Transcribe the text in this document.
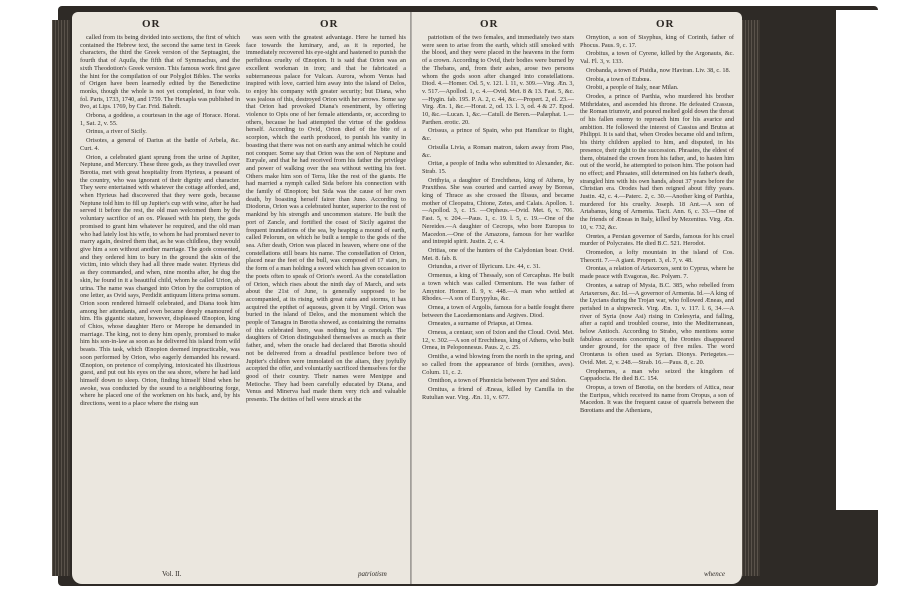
OR	OR

called from its being divided into sections, the first of which contained the Hebrew text, the second the same text in Greek characters, the third the Greek version of the Septuagint, the fourth that of Aquila, the fifth that of Symmachus, and the sixth Theodotion's Greek version. This famous work first gave the hint for the compilation of our Polyglot Bibles. The works of Origen have been learnedly edited by the Benedictine monks, though the whole is not yet completed, in four vols. fol. Paris, 1733, 1740, and 1759. The Hexapla was published in 8vo, at Lips. 1769, by Car. Frid. Bahrdt.

Orbona, a goddess, a courtesan in the age of Horace. Horat. 1, Sat. 2, v. 55.

Orinus, a river of Sicily.

Orisotes, a general of Darius at the battle of Arbela, &c. Curt. 4.

Orion, a celebrated giant sprung from the urine of Jupiter, Neptune, and Mercury. These three gods, as they travelled over Bœotia, met with great hospitality from Hyrieus, a peasant of the country, who was ignorant of their dignity and character. They were entertained with whatever the cottage afforded, and, when Hyrieus had discovered that they were gods, because Neptune told him to fill up Jupiter's cup with wine, after he had served it before the rest, the old man welcomed them by the voluntary sacrifice of an ox. Pleased with his piety, the gods promised to grant him whatever he required, and the old man who had lately lost his wife, to whom he had promised never to marry again, desired them that, as he was childless, they would give him a son without another marriage. The gods consented, and they ordered him to bury in the ground the skin of the victim, into which they had all three made water. Hyrieus did as they commanded, and when, nine months after, he dug the skin, he found in it a beautiful child, whom he called Urion, ab urina. The name was changed into Orion by the corruption of one letter, as Ovid says, Perdidit antiquum littera prima sonum. Orion soon rendered himself celebrated, and Diana took him among her attendants, and even became deeply enamoured of him. His gigantic stature, however, displeased Œnopion, king of Chios, whose daughter Hero or Merope he demanded in marriage. The king, not to deny him openly, promised to make him his son-in-law as soon as he delivered his island from wild beasts. This task, which Œnopion deemed impracticable, was soon performed by Orion, who eagerly demanded his reward. Œnopion, on pretence of complying, intoxicated his illustrious guest, and put out his eyes on the sea shore, where he had laid himself down to sleep. Orion, finding himself blind when he awoke, was conducted by the sound to a neighbouring forge, where he placed one of the workmen on his back, and, by his directions, went to a place where the rising sun

was seen with the greatest advantage. Here he turned his face towards the luminary, and, as it is reported, he immediately recovered his eye-sight and hastened to punish the perfidious cruelty of Œnopion. It is said that Orion was an excellent workman in iron; and that he fabricated a subterraneous palace for Vulcan. Aurora, whom Venus had inspired with love, carried him away into the island of Delos, to enjoy his company with greater security; but Diana, who was jealous of this, destroyed Orion with her arrows. Some say that Orion had provoked Diana's resentment, by offering violence to Opis one of her female attendants, or, according to others, because he had attempted the virtue of the goddess herself. According to Ovid, Orion died of the bite of a scorpion, which the earth produced, to punish his vanity in boasting that there was not on earth any animal which he could not conquer. Some say that Orion was the son of Neptune and Euryale, and that he had received from his father the privilege and power of walking over the sea without wetting his feet. Others make him son of Terra, like the rest of the giants. He had married a nymph called Sida before his connection with the family of Œnopion; but Sida was the cause of her own death, by boasting herself fairer than Juno. According to Diodorus, Orion was a celebrated hunter, superior to the rest of mankind by his strength and uncommon stature. He built the port of Zancle, and fortified the coast of Sicily against the frequent inundations of the sea, by heaping a mound of earth, called Pelorum, on which he built a temple to the gods of the sea. After death, Orion was placed in heaven, where one of the constellations still bears his name. The constellation of Orion, placed near the feet of the bull, was composed of 17 stars, in the form of a man holding a sword which has given occasion to the poets often to speak of Orion's sword. As the constellation of Orion, which rises about the ninth day of March, and sets about the 21st of June, is generally supposed to be accompanied, at its rising, with great rains and storms, it has acquired the epithet of aquosus, given it by Virgil. Orion was buried in the island of Delos, and the monument which the people of Tanagra in Bœotia showed, as containing the remains of this celebrated hero, was nothing but a cenotaph. The daughters of Orion distinguished themselves as much as their father, and, when the oracle had declared that Bœotia should not be delivered from a dreadful pestilence before two of Jupiter's children were immolated on the altars, they joyfully accepted the offer, and voluntarily sacrificed themselves for the good of their country. Their names were Menippe and Metioche. They had been carefully educated by Diana, and Venus and Minerva had made them very rich and valuable presents. The deities of hell were struck at the

Vol. II.	patriotism
OR	OR

patriotism of the two females, and immediately two stars were seen to arise from the earth, which still smoked with the blood, and they were placed in the heavens in the form of a crown. According to Ovid, their bodies were burned by the Thebans, and, from their ashes, arose two persons whom the gods soon after changed into constellations. Diod. 4.—Homer. Od. 5, v. 121. l. 11, v. 309.—Virg. Æn. 3, v. 517.—Apollod. 1, c. 4.—Ovid. Met. 8 & 13. Fast. 5, &c.—Hygin. fab. 195. P. A. 2, c. 44, &c.—Propert. 2, el. 23.—Virg. Æn. 1, &c.—Horat. 2, od. 13. l. 3, od. 4 & 27. Epod. 10, &c.—Lucan. 1, &c.—Catull. de Beren.—Palæphat. 1.—Parthen. erotic. 20.

Orissus, a prince of Spain, who put Hamilcar to flight, &c.

Orisulla Livia, a Roman matron, taken away from Piso, &c.

Oritæ, a people of India who submitted to Alexander, &c. Strab. 15.

Orithyia, a daughter of Erechtheus, king of Athens, by Praxithea. She was courted and carried away by Boreas, king of Thrace as she crossed the Ilissus, and became mother of Cleopatra, Chione, Zetes, and Calais. Apollon. 1.—Apollod. 3, c. 15. —Orpheus.—Ovid. Met. 6, v. 706. Fast. 5, v. 204.—Paus. 1, c. 19. l. 5, c. 19.—One of the Nereides.—A daughter of Cecrops, who bore Europus to Macedon.—One of the Amazons, famous for her warlike and intrepid spirit. Justin. 2, c. 4.

Oritias, one of the hunters of the Calydonian boar. Ovid. Met. 8. fab. 8.

Oriundus, a river of Illyricum. Liv. 44, c. 31.

Ormenus, a king of Thessaly, son of Cercaphus. He built a town which was called Ormenium. He was father of Amyntor. Homer. Il. 9, v. 448.—A man who settled at Rhodes.—A son of Eurypylus, &c.

Ornea, a town of Argolis, famous for a battle fought there between the Lacedæmonians and Argives. Diod.

Orneates, a surname of Priapus, at Ornea.

Orneus, a centaur, son of Ixion and the Cloud. Ovid. Met. 12, v. 302.—A son of Erechtheus, king of Athens, who built Ornea, in Peloponnesus. Paus. 2, c. 25.

Ornithe, a wind blowing from the north in the spring, and so called from the appearance of birds (ornithes, aves). Colum. 11, c. 2.

Ornithon, a town of Phœnicia between Tyre and Sidon.

Ornitus, a friend of Æneas, killed by Camilla in the Rutulian war. Virg. Æn. 11, v. 677.

Ornytion, a son of Sisyphus, king of Corinth, father of Phocus. Paus. 9, c. 17.

Orobitus, a town of Cyrene, killed by the Argonauts, &c. Val. Fl. 3, v. 133.

Orobanda, a town of Pisidia, now Haviran. Liv. 38, c. 18.

Orobia, a town of Eubœa.

Orobii, a people of Italy, near Milan.

Orodes, a prince of Parthia, who murdered his brother Mithridates, and ascended his throne. He defeated Crassus, the Roman triumvir, and poured melted gold down the throat of his fallen enemy to reproach him for his avarice and ambition. He followed the interest of Cassius and Brutus at Philippi. It is said that, when Orodes became old and infirm, his thirty children applied to him, and disputed, in his presence, their right to the succession. Phraates, the eldest of them, obtained the crown from his father, and, to hasten him out of the world, he attempted to poison him. The poison had no effect; and Phraates, still determined on his father's death, strangled him with his own hands, about 37 years before the Christian era. Orodes had then reigned about fifty years. Justin. 42, c. 4.—Paterc. 2, c. 30.—Another king of Parthia, murdered for his cruelty. Joseph. 18 Ant.—A son of Artabanus, king of Armenia. Tacit. Ann. 6, c. 33.—One of the friends of Æneas in Italy, killed by Mezentius. Virg. Æn. 10, v. 732, &c.

Orœtes, a Persian governor of Sardis, famous for his cruel murder of Polycrates. He died B.C. 521. Herodot.

Oromedon, a lofty mountain in the island of Cos. Theocrit. 7.—A giant. Propert. 3, el. 7, v. 48.

Orontas, a relation of Artaxerxes, sent to Cyprus, where he made peace with Evagoras, &c. Polyæn. 7.

Orontes, a satrap of Mysia, B.C. 385, who rebelled from Artaxerxes, &c. Id.—A governor of Armenia. Id.—A king of the Lycians during the Trojan war, who followed Æneas, and perished in a shipwreck. Virg. Æn. 1, v. 117. l. 6, 34.—A river of Syria (now Asi) rising in Cœlesyria, and falling, after a rapid and troubled course, into the Mediterranean, below Antioch. According to Strabo, who mentions some fabulous accounts concerning it, the Orontes disappeared under ground, for the space of five miles. The word Orontæus is often used as Syrian. Dionys. Periegetes.—Ovid. Met. 2, v. 248.—Strab. 16.—Paus. 8, c. 20.

Orophernes, a man who seized the kingdom of Cappadocia. He died B.C. 154.

Oropus, a town of Bœotia, on the borders of Attica, near the Euripus, which received its name from Oropus, a son of Macedon. It was the frequent cause of quarrels between the Bœotians and the Athenians,

whence
